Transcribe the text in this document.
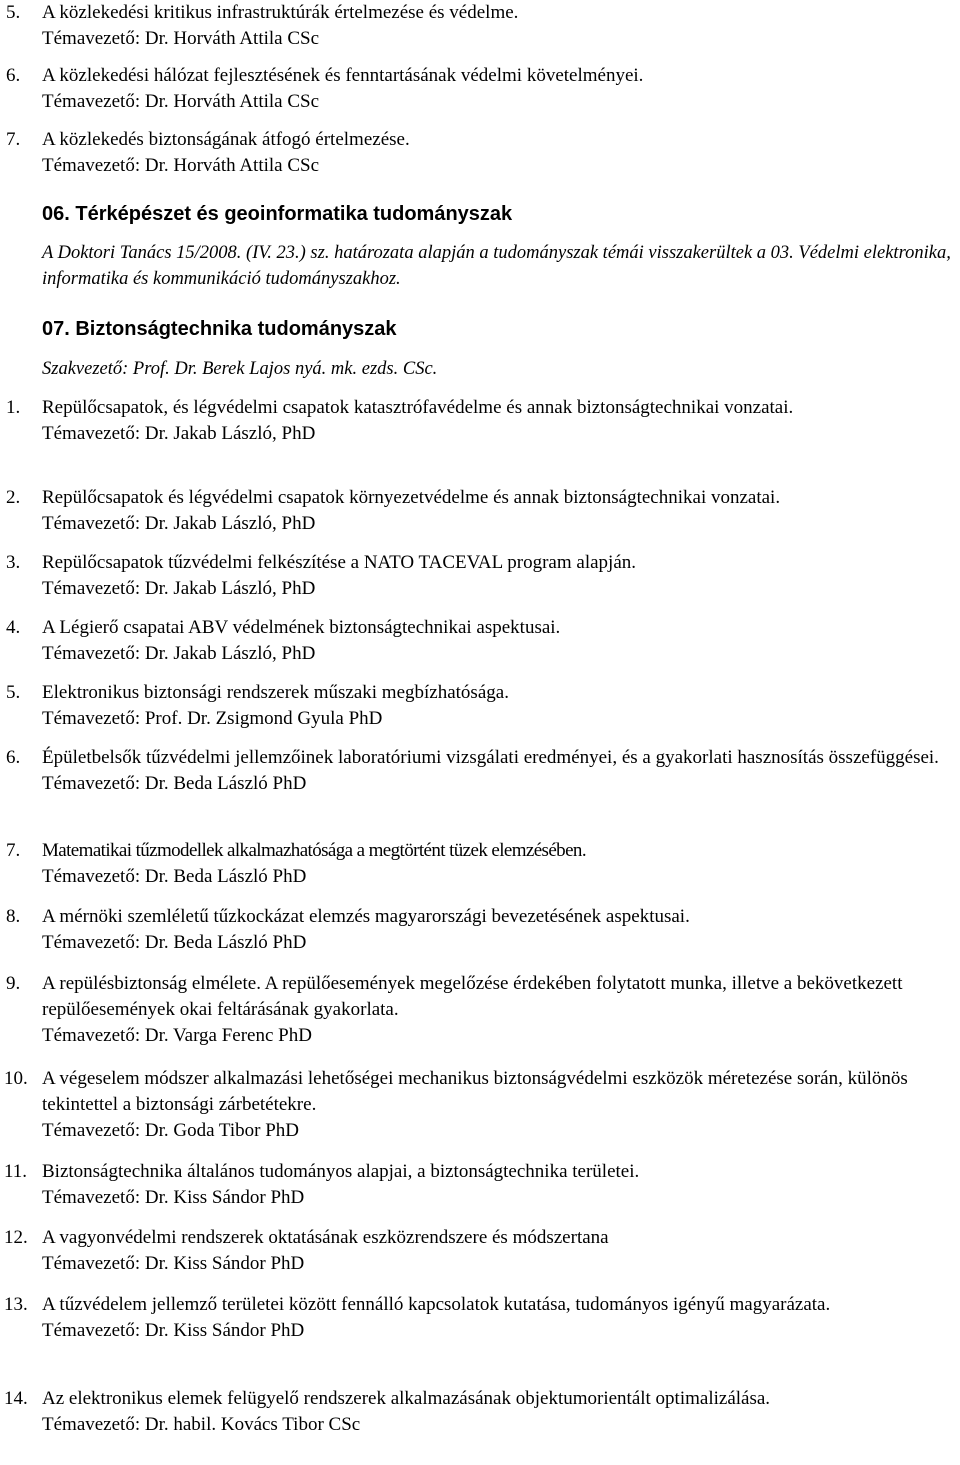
5. A közlekedési kritikus infrastruktúrák értelmezése és védelme.
Témavezető: Dr. Horváth Attila CSc
6. A közlekedési hálózat fejlesztésének és fenntartásának védelmi követelményei.
Témavezető: Dr. Horváth Attila CSc
7. A közlekedés biztonságának átfogó értelmezése.
Témavezető: Dr. Horváth Attila CSc
06. Térképészet és geoinformatika tudományszak
A Doktori Tanács 15/2008. (IV. 23.) sz. határozata alapján a tudományszak témái visszakerültek a 03. Védelmi elektronika, informatika és kommunikáció tudományszakhoz.
07. Biztonságtechnika tudományszak
Szakvezető: Prof. Dr. Berek Lajos nyá. mk. ezds. CSc.
1. Repülőcsapatok, és légvédelmi csapatok katasztrófavédelme és annak biztonságtechnikai vonzatai.
Témavezető: Dr. Jakab László, PhD
2. Repülőcsapatok és légvédelmi csapatok környezetvédelme és annak biztonságtechnikai vonzatai.
Témavezető: Dr. Jakab László, PhD
3. Repülőcsapatok tűzvédelmi felkészítése a NATO TACEVAL program alapján.
Témavezető: Dr. Jakab László, PhD
4. A Légierő csapatai ABV védelmének biztonságtechnikai aspektusai.
Témavezető: Dr. Jakab László, PhD
5. Elektronikus biztonsági rendszerek műszaki megbízhatósága.
Témavezető: Prof. Dr. Zsigmond Gyula PhD
6. Épületbelsők tűzvédelmi jellemzőinek laboratóriumi vizsgálati eredményei, és a gyakorlati hasznosítás összefüggései.
Témavezető: Dr. Beda László PhD
7. Matematikai tűzmodellek alkalmazhatósága a megtörtént tüzek elemzésében.
Témavezető: Dr. Beda László PhD
8. A mérnöki szemléletű tűzkockázat elemzés magyarországi bevezetésének aspektusai.
Témavezető: Dr. Beda László PhD
9. A repülésbiztonság elmélete. A repülőesemények megelőzése érdekében folytatott munka, illetve a bekövetkezett repülőesemények okai feltárásának gyakorlata.
Témavezető: Dr. Varga Ferenc PhD
10. A végeselem módszer alkalmazási lehetőségei mechanikus biztonságvédelmi eszközök méretezése során, különös tekintettel a biztonsági zárbetétekre.
Témavezető: Dr. Goda Tibor PhD
11. Biztonságtechnika általános tudományos alapjai, a biztonságtechnika területei.
Témavezető: Dr. Kiss Sándor PhD
12. A vagyonvédelmi rendszerek oktatásának eszközrendszere és módszertana
Témavezető: Dr. Kiss Sándor PhD
13. A tűzvédelem jellemző területei között fennálló kapcsolatok kutatása, tudományos igényű magyarázata.
Témavezető: Dr. Kiss Sándor PhD
14. Az elektronikus elemek felügyelő rendszerek alkalmazásának objektumorientált optimalizálása.
Témavezető: Dr. habil. Kovács Tibor CSc
